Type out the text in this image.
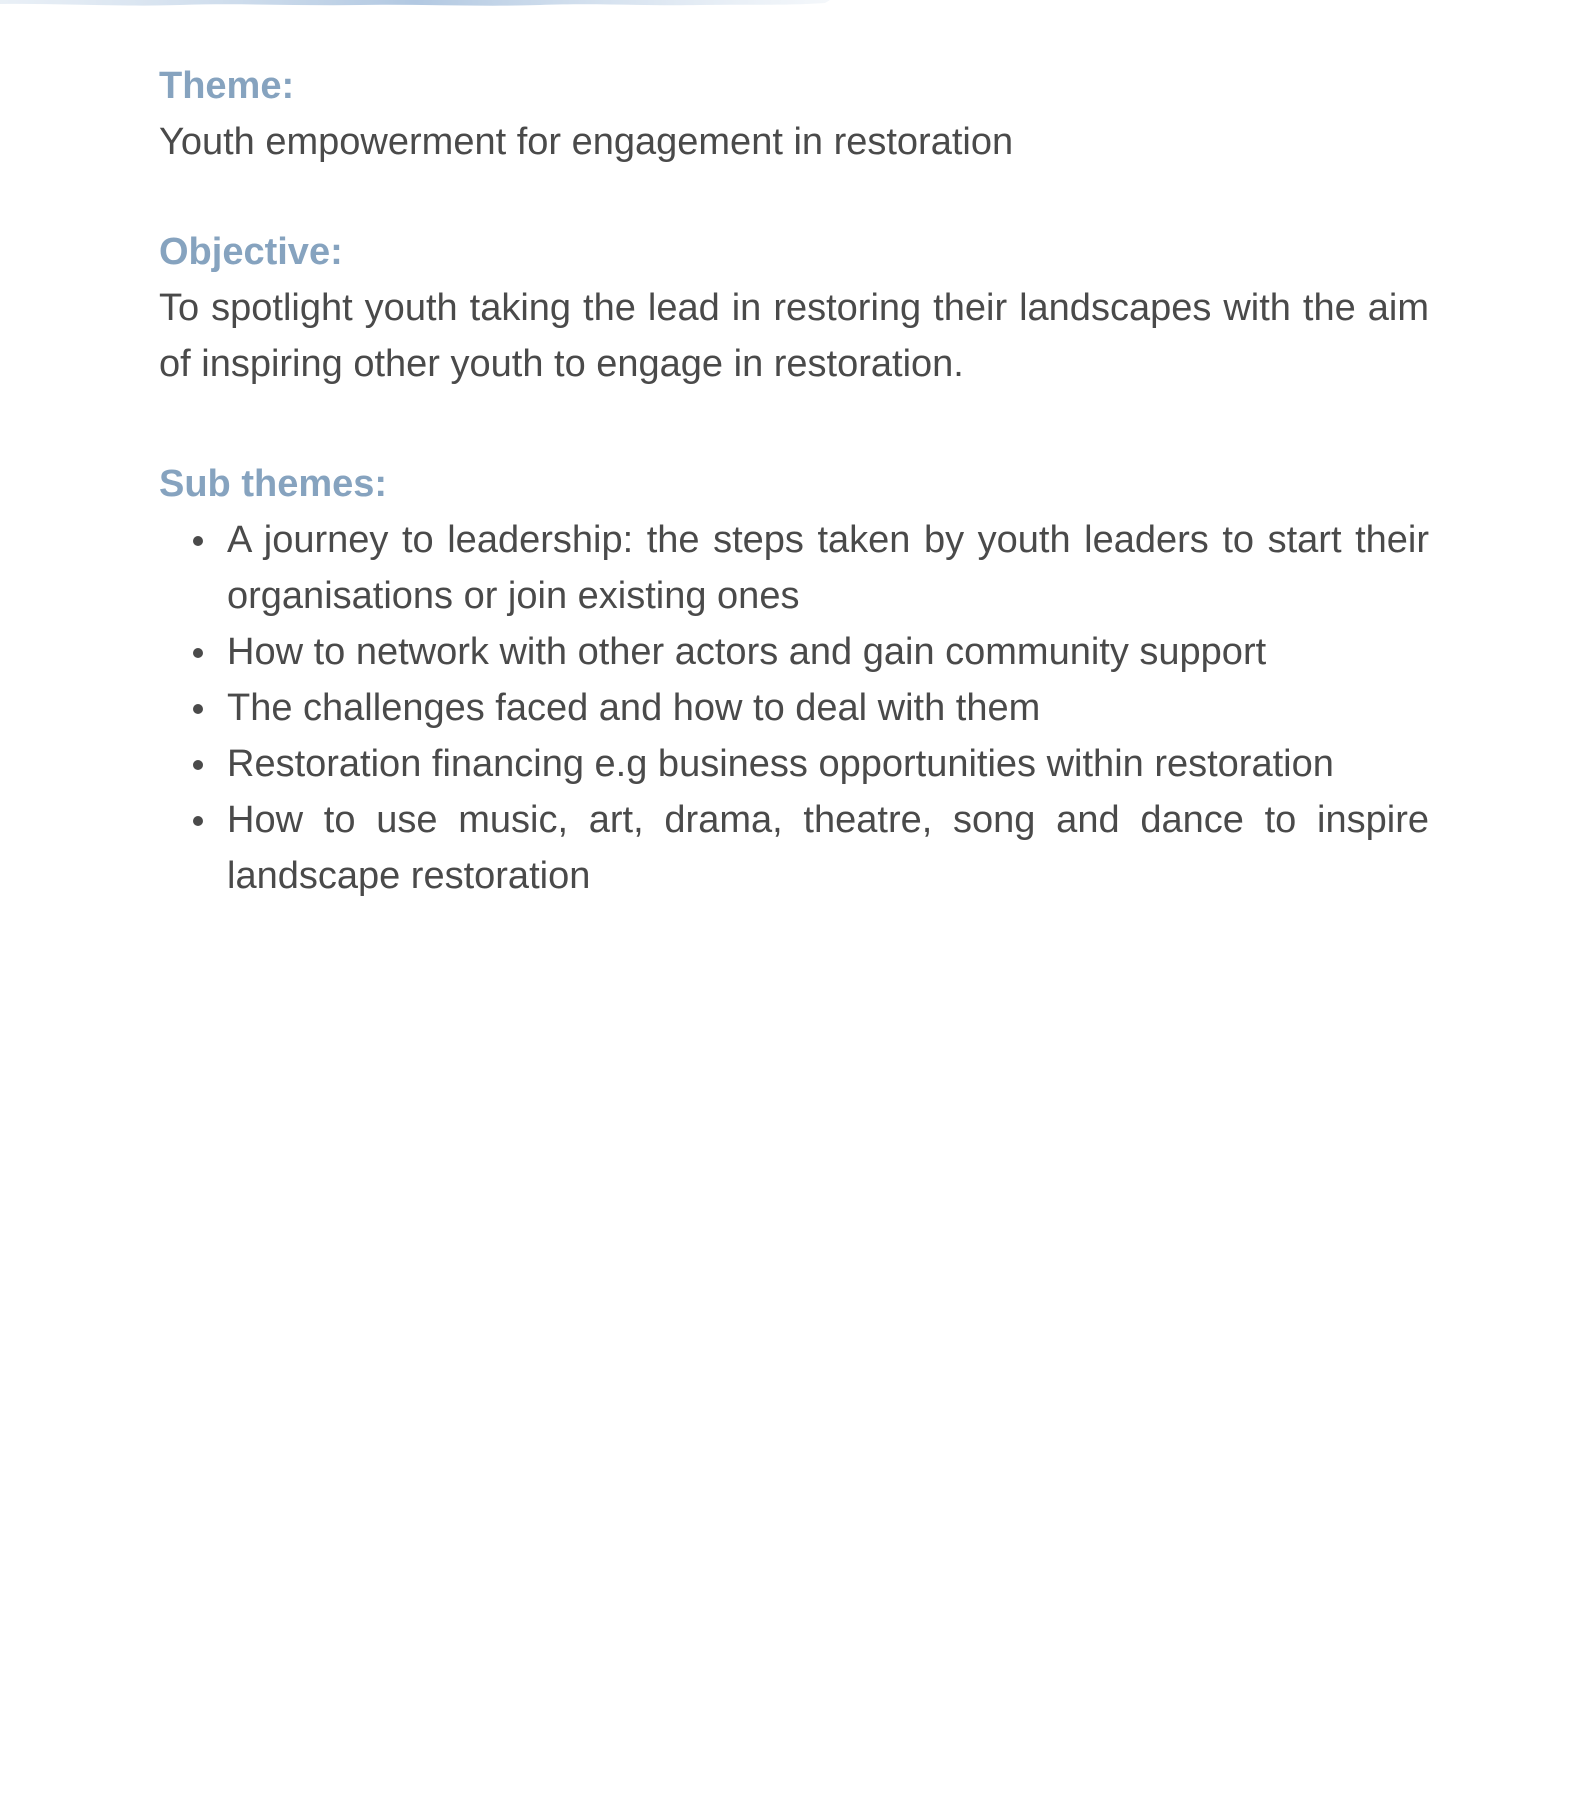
Theme:

Youth empowerment for engagement in restoration

Objective:

To spotlight youth taking the lead in restoring their landscapes with the aim of inspiring other youth to engage in restoration.

Sub themes:

A journey to leadership: the steps taken by youth leaders to start their organisations or join existing ones
How to network with other actors and gain community support
The challenges faced and how to deal with them
Restoration financing e.g business opportunities within restoration
How to use music, art, drama, theatre, song and dance to inspire landscape restoration
